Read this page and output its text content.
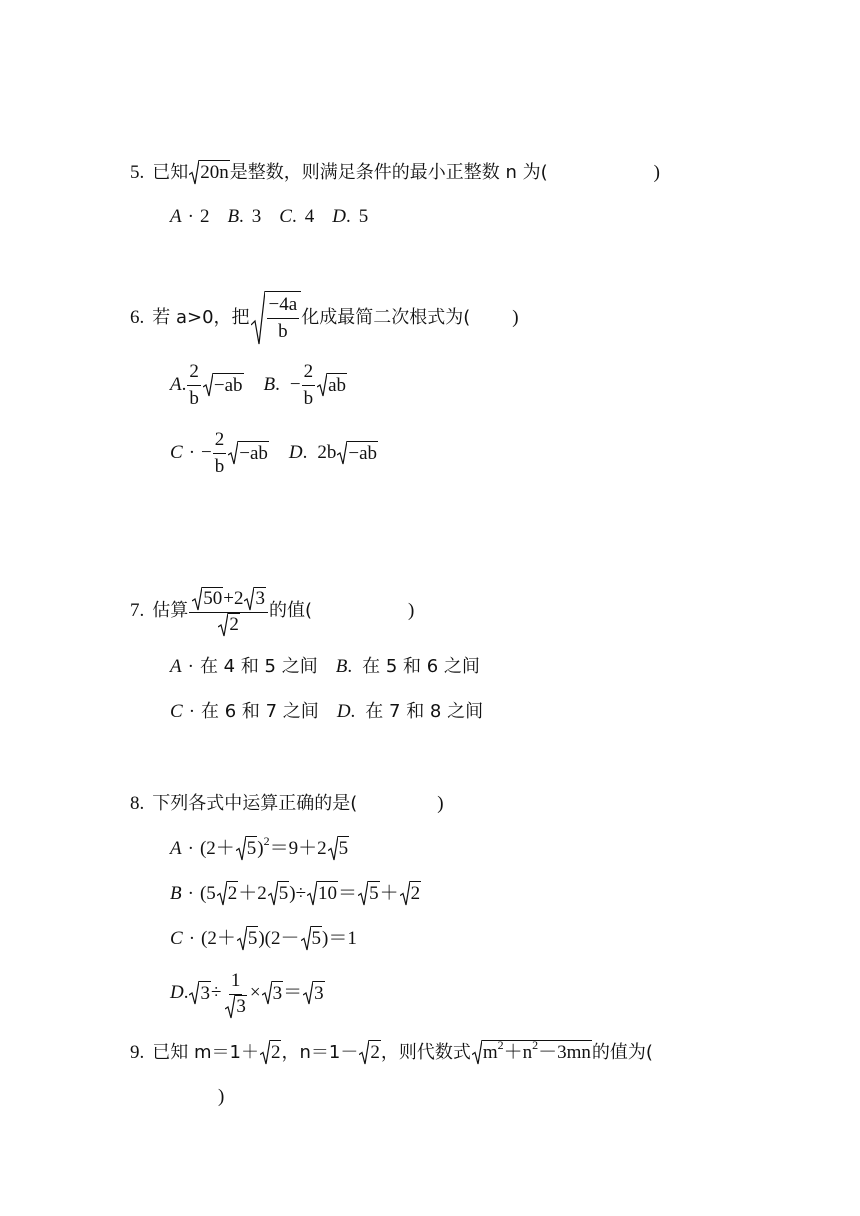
5. 已知 20n 是整数，则满足条件的最小正整数 n 为(	)
A · 2 B . 3 C . 4 D . 5
6. 若 a>0，把 $\frac{-4a}{b}$ 化成最简二次根式为( )
A . $\frac{2}{b} -ab$ B . − $\frac{2}{b}$ ab
C · − $\frac{2}{b} -ab$ D . 2b −ab
7. 估算 $\frac{50 +2 3}{2}$ 的值(	)
A · 在 4 和 5 之间 B . 在 5 和 6 之间
C · 在 6 和 7 之间 D . 在 7 和 8 之间
8. 下列各式中运算正确的是(	)
A · (2＋ 5 ) 2 ＝9＋2 5
B · (5 2 ＋2 5 )÷ 10 ＝ 5 ＋ 2
C · (2＋ 5 )(2－ 5 )＝1
D . $3 \div \frac{1}{3} \times 3 = 3$
9. 已知 m＝1＋ 2 ，n＝1－ 2 ，则代数式 m 2 ＋n 2 －3mn 的值为(
)
